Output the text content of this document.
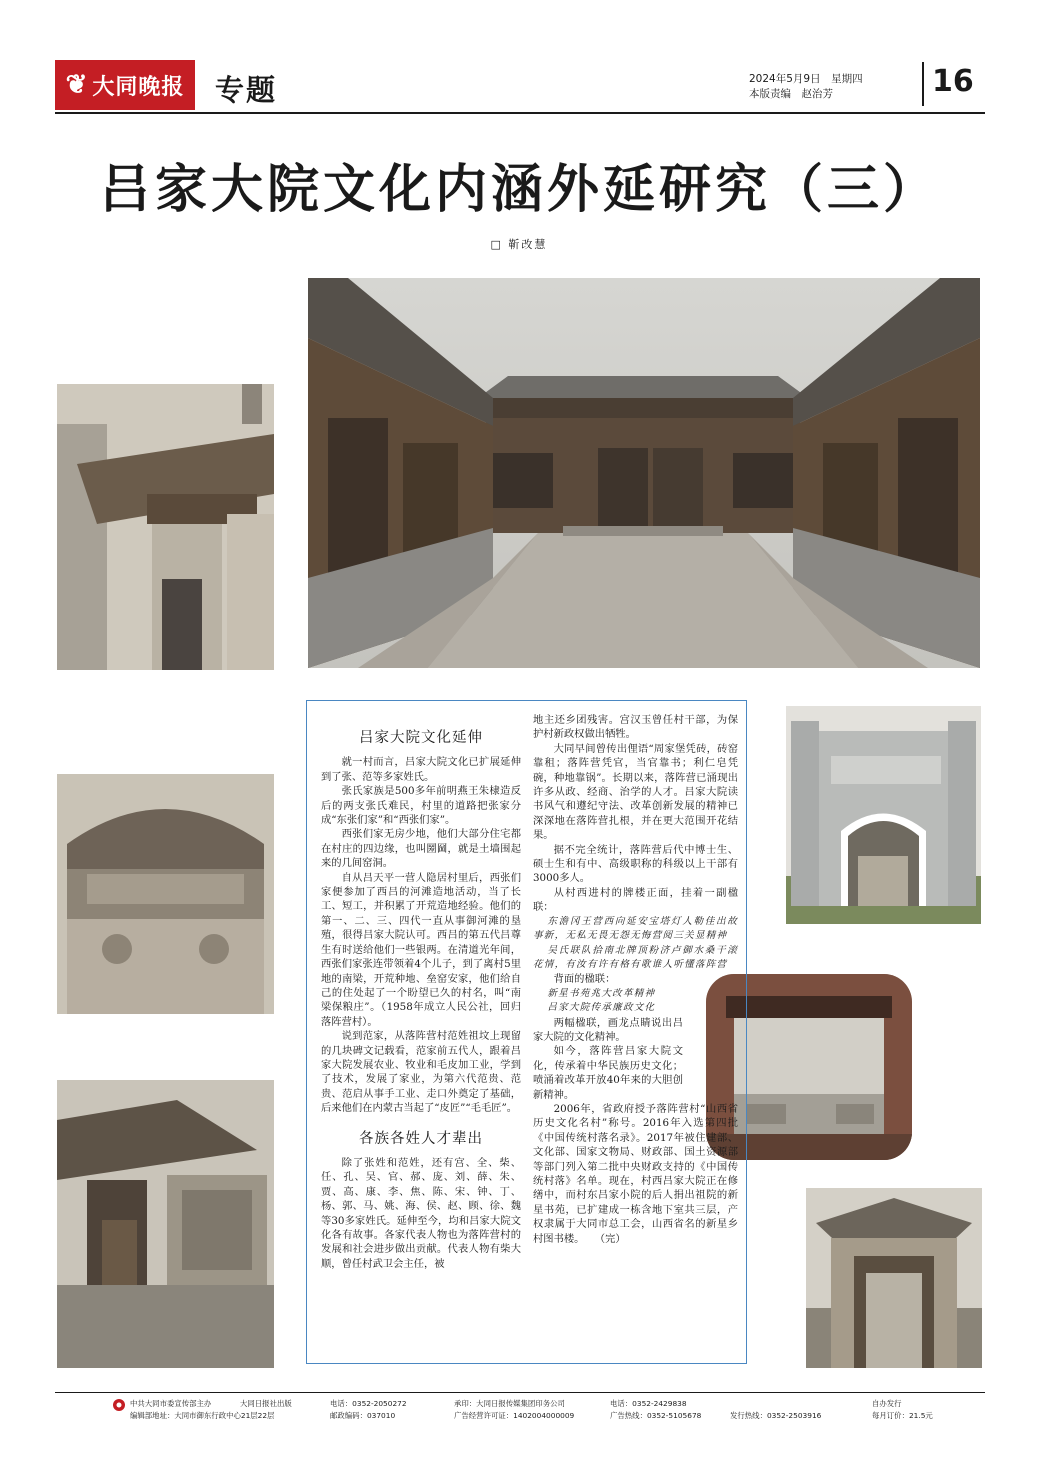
❦ 大同晚报 专题	2024年5月9日　星期四
本版责编　赵治芳	16
吕家大院文化内涵外延研究（三）
□ 靳改慧
吕家大院文化延伸

就一村而言，吕家大院文化已扩展延伸到了张、范等多家姓氏。

张氏家族是500多年前明燕王朱棣造反后的两支张氏难民，村里的道路把张家分成“东张们家”和“西张们家”。

西张们家无房少地，他们大部分住宅都在村庄的四边缘，也叫圐圙，就是土墙围起来的几间窑洞。

自从吕天平一营人隐居村里后，西张们家便参加了西吕的河滩造地活动，当了长工、短工，并积累了开荒造地经验。他们的第一、二、三、四代一直从事御河滩的垦殖，很得吕家大院认可。西吕的第五代吕尊生有时送给他们一些银两。在清道光年间，西张们家张连带领着4个儿子，到了离村5里地的南梁，开荒种地、垒窑安家，他们给自己的住处起了一个盼望已久的村名，叫“南梁保粮庄”。（1958年成立人民公社，回归落阵营村）。

说到范家，从落阵营村范姓祖坟上现留的几块碑文记载看，范家前五代人，跟着吕家大院发展农业、牧业和毛皮加工业，学到了技术，发展了家业，为第六代范贵、范贵、范启从事手工业、走口外奠定了基础，后来他们在内蒙古当起了“皮匠”“毛毛匠”。

各族各姓人才辈出

除了张姓和范姓，还有宫、全、柴、任、孔、吴、官、郝、庞、刘、薛、朱、贾、高、康、李、焦、陈、宋、钟、丁、杨、郭、马、姚、海、侯、赵、顾、徐、魏等30多家姓氏。延伸至今，均和吕家大院文化各有故事。各家代表人物也为落阵营村的发展和社会进步做出贡献。代表人物有柴大顺，曾任村武卫会主任，被

地主还乡团残害。宫汉玉曾任村干部，为保护村新政权做出牺牲。

大同早间曾传出俚语“周家堡凭砖，砖窑靠租；落阵营凭官，当官靠书；利仁皂凭碗，种地靠锅”。长期以来，落阵营已涌现出许多从政、经商、治学的人才。吕家大院读书风气和遵纪守法、改革创新发展的精神已深深地在落阵营扎根，并在更大范围开花结果。

据不完全统计，落阵营后代中博士生、硕士生和有中、高级职称的科级以上干部有3000多人。

从村西进村的牌楼正面，挂着一副楹联：

东澹冈王营西向延安宝塔灯人勒佳出故事新，无私无畏无怨无悔营阅三关显精神

吴氏联队拾南北牌顶粉济卢御水桑干滚花情，有汝有许有格有歌谁人听懂落阵营

背面的楹联：

新星书苑兆大改革精神

吕家大院传承廉政文化

两幅楹联，画龙点睛说出吕家大院的文化精神。

如今，落阵营吕家大院文化，传承着中华民族历史文化；喷涌着改革开放40年来的大胆创新精神。

2006年，省政府授予落阵营村“山西省历史文化名村”称号。2016年入选第四批《中国传统村落名录》。2017年被住建部、文化部、国家文物局、财政部、国土资源部等部门列入第二批中央财政支持的《中国传统村落》名单。现在，村西吕家大院正在修缮中，而村东吕家小院的后人捐出祖院的新星书苑，已扩建成一栋含地下室共三层，产权隶属于大同市总工会，山西省名的新星乡村图书楼。　　（完）

中共大同市委宣传部主办
编辑部地址：大同市御东行政中心21层22层
大同日报社出版	电话：0352-2050272
邮政编码：037010
承印：大同日报传媒集团印务公司
广告经营许可证：1402004000009
电话：0352-2429838
广告热线：0352-5105678
	发行热线：0352-2503916
自办发行
每月订价：21.5元
